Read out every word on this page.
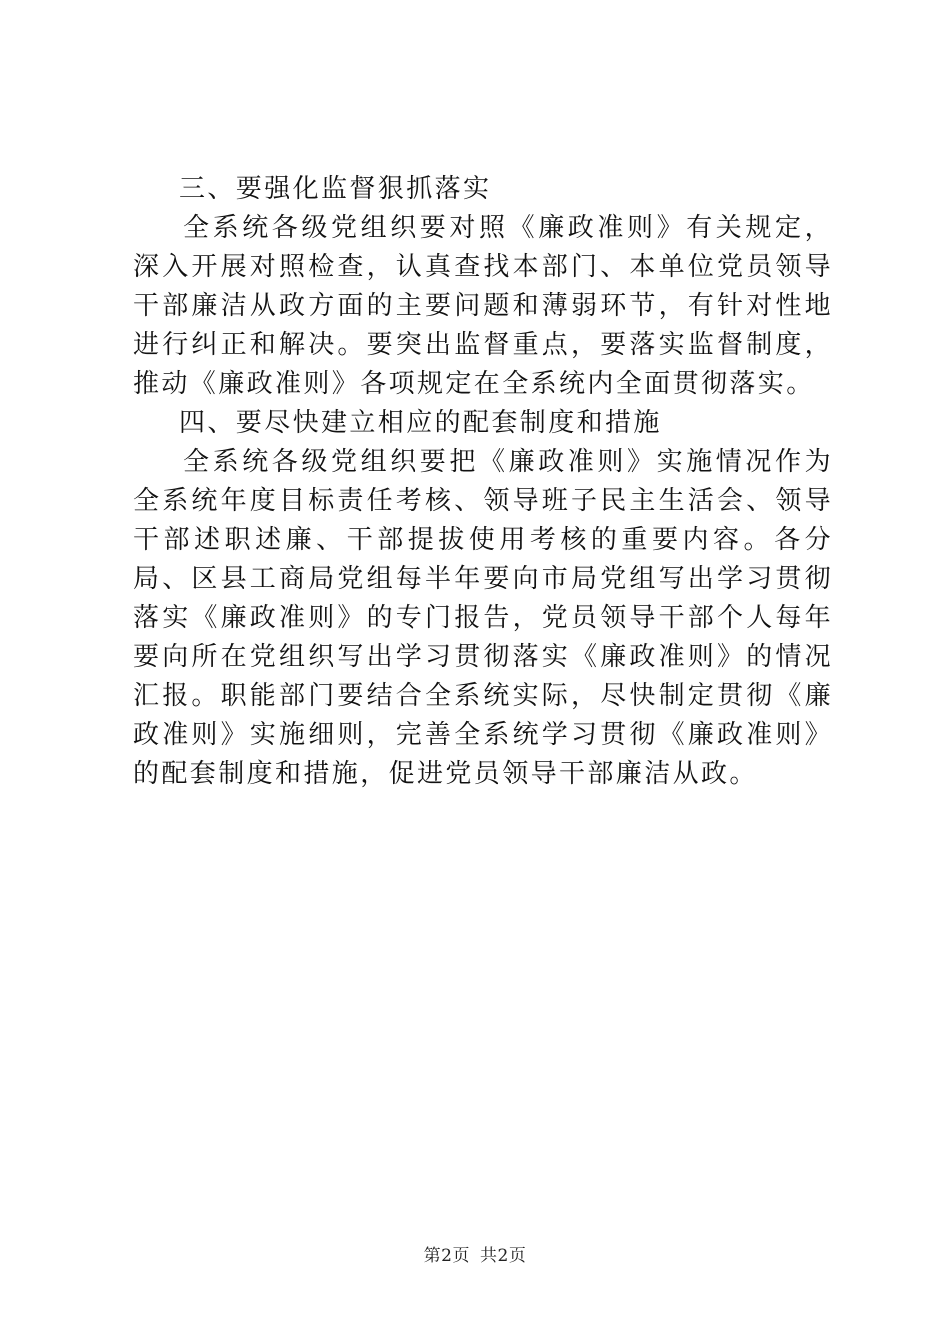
三、要强化监督狠抓落实

全系统各级党组织要对照《廉政准则》有关规定，深入开展对照检查，认真查找本部门、本单位党员领导干部廉洁从政方面的主要问题和薄弱环节，有针对性地进行纠正和解决。要突出监督重点，要落实监督制度，推动《廉政准则》各项规定在全系统内全面贯彻落实。

四、要尽快建立相应的配套制度和措施

全系统各级党组织要把《廉政准则》实施情况作为全系统年度目标责任考核、领导班子民主生活会、领导干部述职述廉、干部提拔使用考核的重要内容。各分局、区县工商局党组每半年要向市局党组写出学习贯彻落实《廉政准则》的专门报告，党员领导干部个人每年要向所在党组织写出学习贯彻落实《廉政准则》的情况汇报。职能部门要结合全系统实际，尽快制定贯彻《廉政准则》实施细则，完善全系统学习贯彻《廉政准则》的配套制度和措施，促进党员领导干部廉洁从政。

第2页 共2页
